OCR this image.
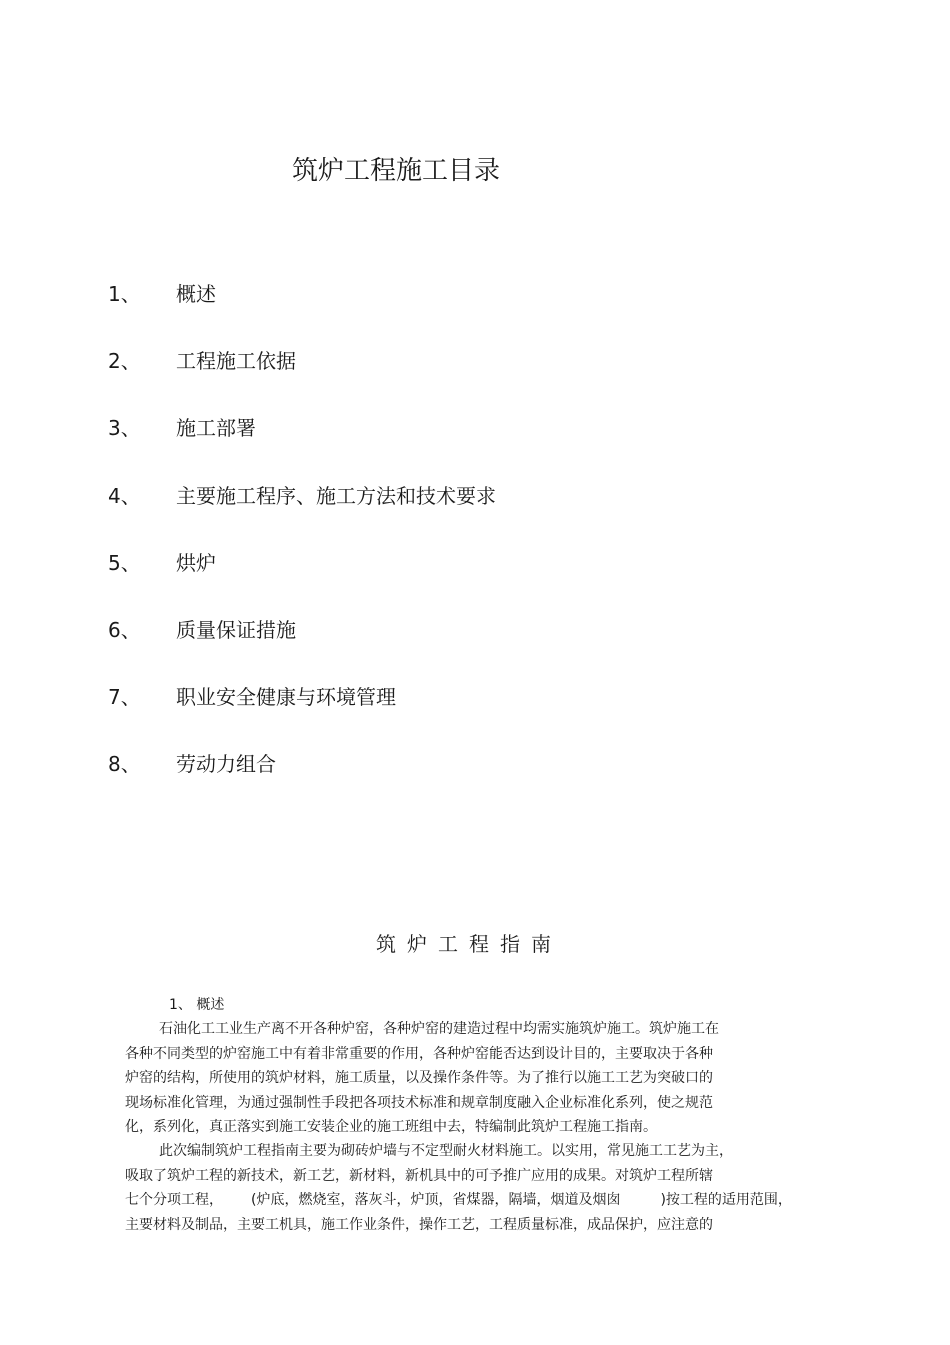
筑炉工程施工目录
1、	概述
2、	工程施工依据
3、	施工部署
4、	主要施工程序、施工方法和技术要求
5、	烘炉
6、	质量保证措施
7、	职业安全健康与环境管理
8、	劳动力组合
筑炉工程指南
1、 概述
石油化工工业生产离不开各种炉窑，各种炉窑的建造过程中均需实施筑炉施工。筑炉施工在
各种不同类型的炉窑施工中有着非常重要的作用，各种炉窑能否达到设计目的，主要取决于各种
炉窑的结构，所使用的筑炉材料，施工质量，以及操作条件等。为了推行以施工工艺为突破口的
现场标准化管理，为通过强制性手段把各项技术标准和规章制度融入企业标准化系列，使之规范
化，系列化，真正落实到施工安装企业的施工班组中去，特编制此筑炉工程施工指南。
此次编制筑炉工程指南主要为砌砖炉墙与不定型耐火材料施工。以实用，常见施工工艺为主，
吸取了筑炉工程的新技术，新工艺，新材料，新机具中的可予推广应用的成果。对筑炉工程所辖
七个分项工程， (炉底，燃烧室，落灰斗，炉顶，省煤器，隔墙，烟道及烟囱	)按工程的适用范围，
主要材料及制品，主要工机具，施工作业条件，操作工艺，工程质量标准，成品保护，应注意的
